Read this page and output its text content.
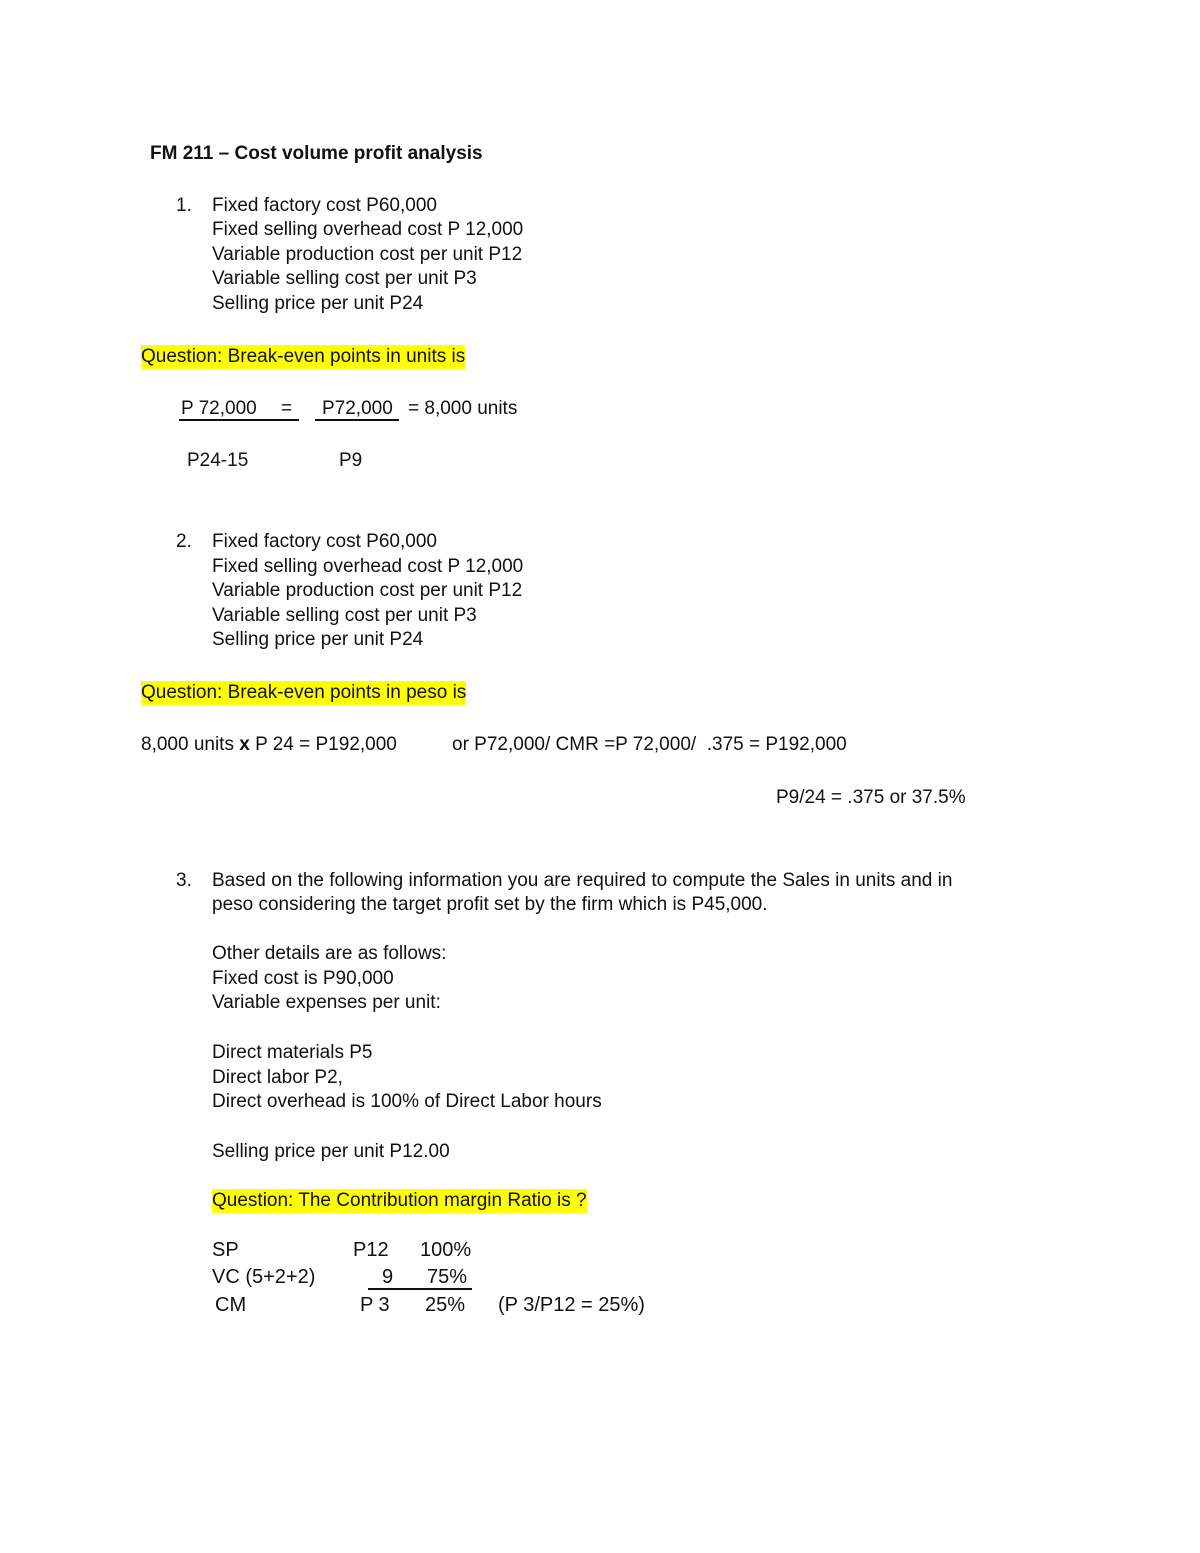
FM 211 – Cost volume profit analysis
1. Fixed factory cost P60,000
Fixed selling overhead cost P 12,000
Variable production cost per unit P12
Variable selling cost per unit P3
Selling price per unit P24
Question: Break-even points in units is
P 72,000 = P72,000 = 8,000 units
P24-15	P9
2. Fixed factory cost P60,000
Fixed selling overhead cost P 12,000
Variable production cost per unit P12
Variable selling cost per unit P3
Selling price per unit P24
Question: Break-even points in peso is
8,000 units x P 24 = P192,000	or P72,000/ CMR =P 72,000/  .375 = P192,000
P9/24 = .375 or 37.5%
3. Based on the following information you are required to compute the Sales in units and in
peso considering the target profit set by the firm which is P45,000.
Other details are as follows:
Fixed cost is P90,000
Variable expenses per unit:
Direct materials P5
Direct labor P2,
Direct overhead is 100% of Direct Labor hours
Selling price per unit P12.00
Question: The Contribution margin Ratio is ?
SP	P12 100%
VC (5+2+2)	9 75%
CM	P 3 25% (P 3/P12 = 25%)
